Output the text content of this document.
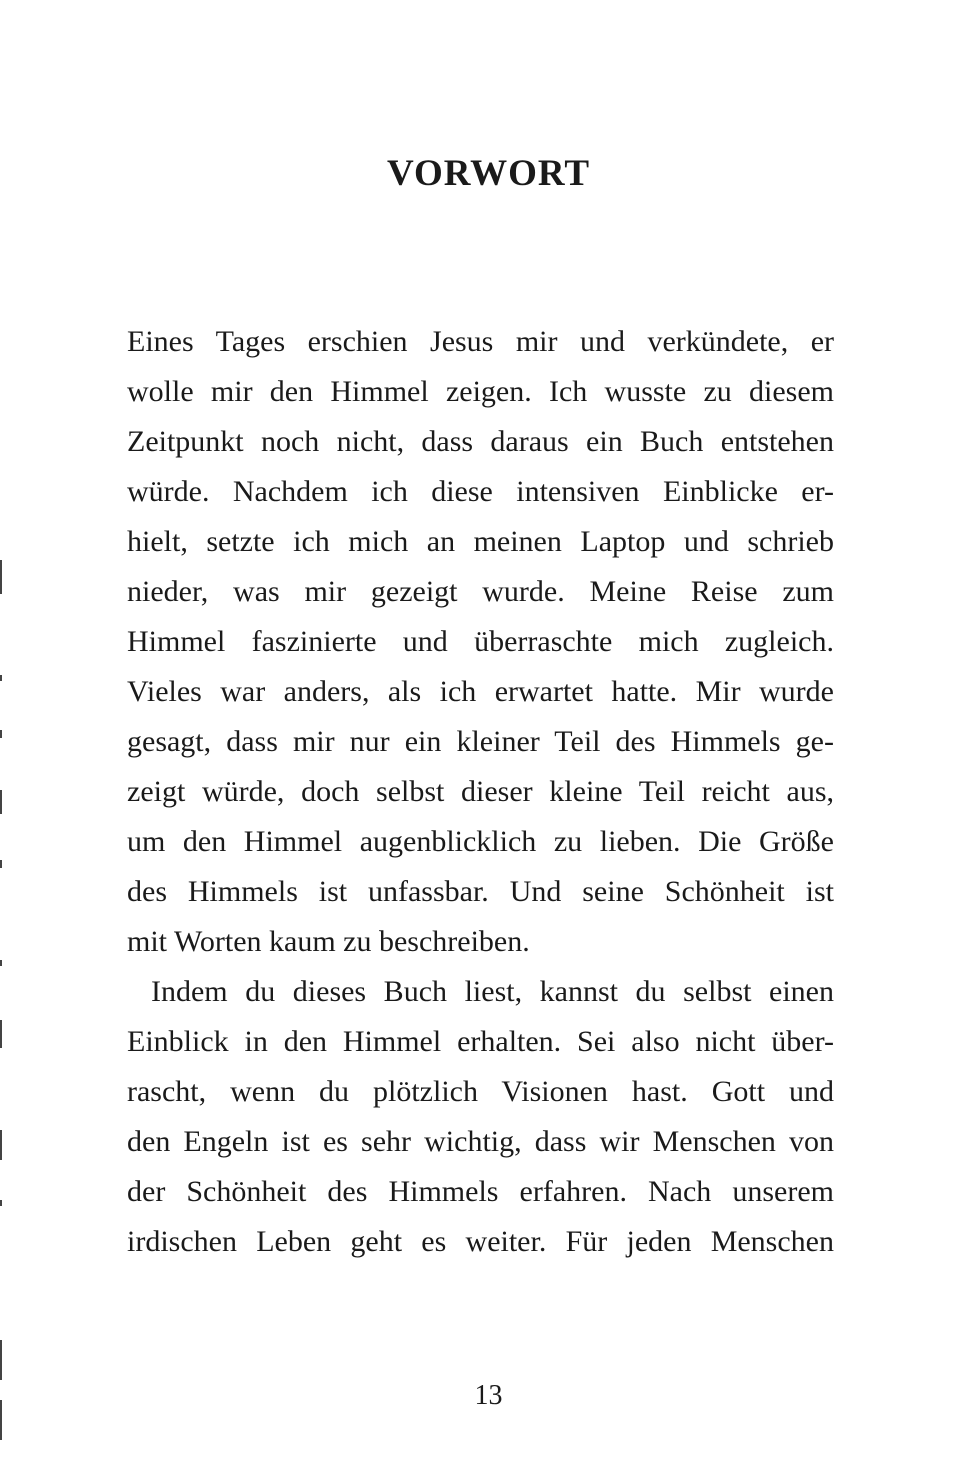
VORWORT
Eines Tages erschien Jesus mir und verkündete, er
wolle mir den Himmel zeigen. Ich wusste zu diesem
Zeitpunkt noch nicht, dass daraus ein Buch entstehen
würde. Nachdem ich diese intensiven Einblicke er-
hielt, setzte ich mich an meinen Laptop und schrieb
nieder, was mir gezeigt wurde. Meine Reise zum
Himmel faszinierte und überraschte mich zugleich.
Vieles war anders, als ich erwartet hatte. Mir wurde
gesagt, dass mir nur ein kleiner Teil des Himmels ge-
zeigt würde, doch selbst dieser kleine Teil reicht aus,
um den Himmel augenblicklich zu lieben. Die Größe
des Himmels ist unfassbar. Und seine Schönheit ist
mit Worten kaum zu beschreiben.
Indem du dieses Buch liest, kannst du selbst einen
Einblick in den Himmel erhalten. Sei also nicht über-
rascht, wenn du plötzlich Visionen hast. Gott und
den Engeln ist es sehr wichtig, dass wir Menschen von
der Schönheit des Himmels erfahren. Nach unserem
irdischen Leben geht es weiter. Für jeden Menschen
13
